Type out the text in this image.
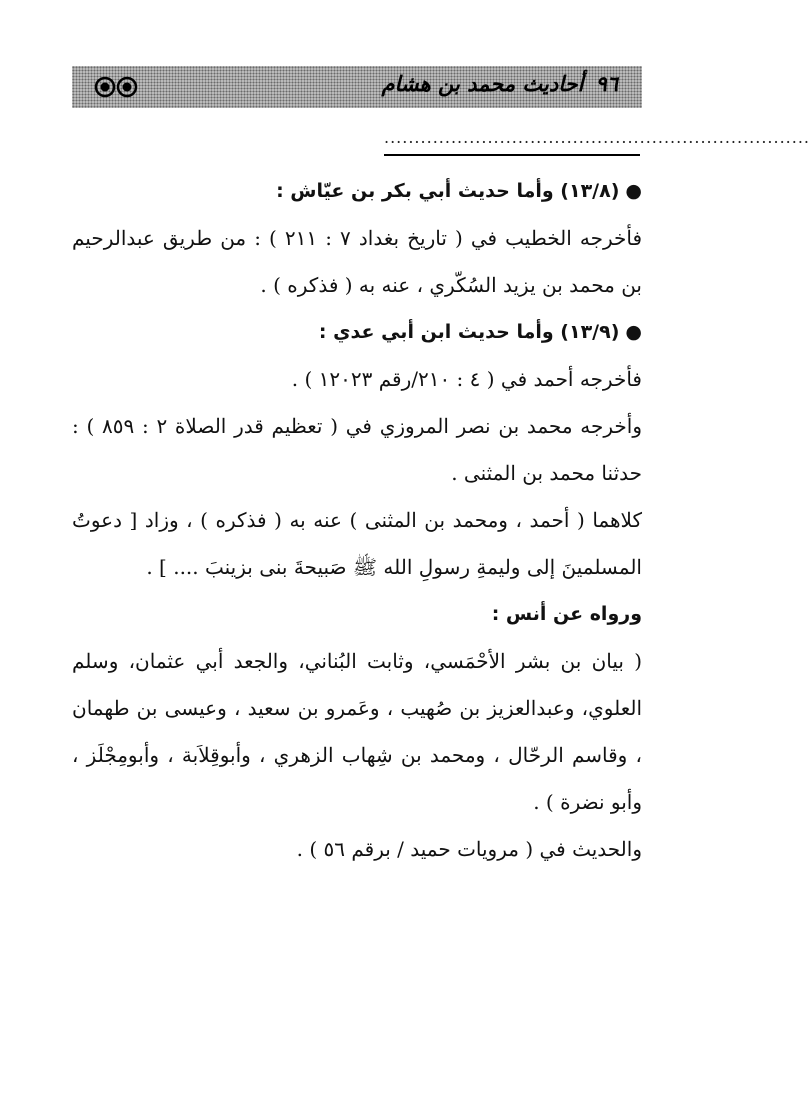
٩٦أحاديث محمد بن هشام
......................................................................
●(١٣/٨) وأما حديث أبي بكر بن عيّاش :

فأخرجه الخطيب في ( تاريخ بغداد ٧ : ٢١١ ) : من طريق عبدالرحيم بن محمد بن يزيد السُكّري ، عنه به ( فذكره ) .

●(١٣/٩) وأما حديث ابن أبي عدي :

فأخرجه أحمد في ( ٤ : ٢١٠/رقم ١٢٠٢٣ ) .

وأخرجه محمد بن نصر المروزي في ( تعظيم قدر الصلاة ٢ : ٨٥٩ ) : حدثنا محمد بن المثنى .

كلاهما ( أحمد ، ومحمد بن المثنى ) عنه به ( فذكره ) ، وزاد [ دعوتُ المسلمينَ إلى وليمةِ رسولِ الله ﷺ صَبيحةَ بنى بزينبَ .... ] .

ورواه عن أنس :

( بيان بن بشر الأحْمَسي، وثابت البُناني، والجعد أبي عثمان، وسلم العلوي، وعبدالعزيز بن صُهيب ، وعَمرو بن سعيد ، وعيسى بن طهمان ، وقاسم الرحّال ، ومحمد بن شِهاب الزهري ، وأبوقِلاَبة ، وأبومِجْلَز ، وأبو نضرة ) .

والحديث في ( مرويات حميد / برقم ٥٦ ) .
